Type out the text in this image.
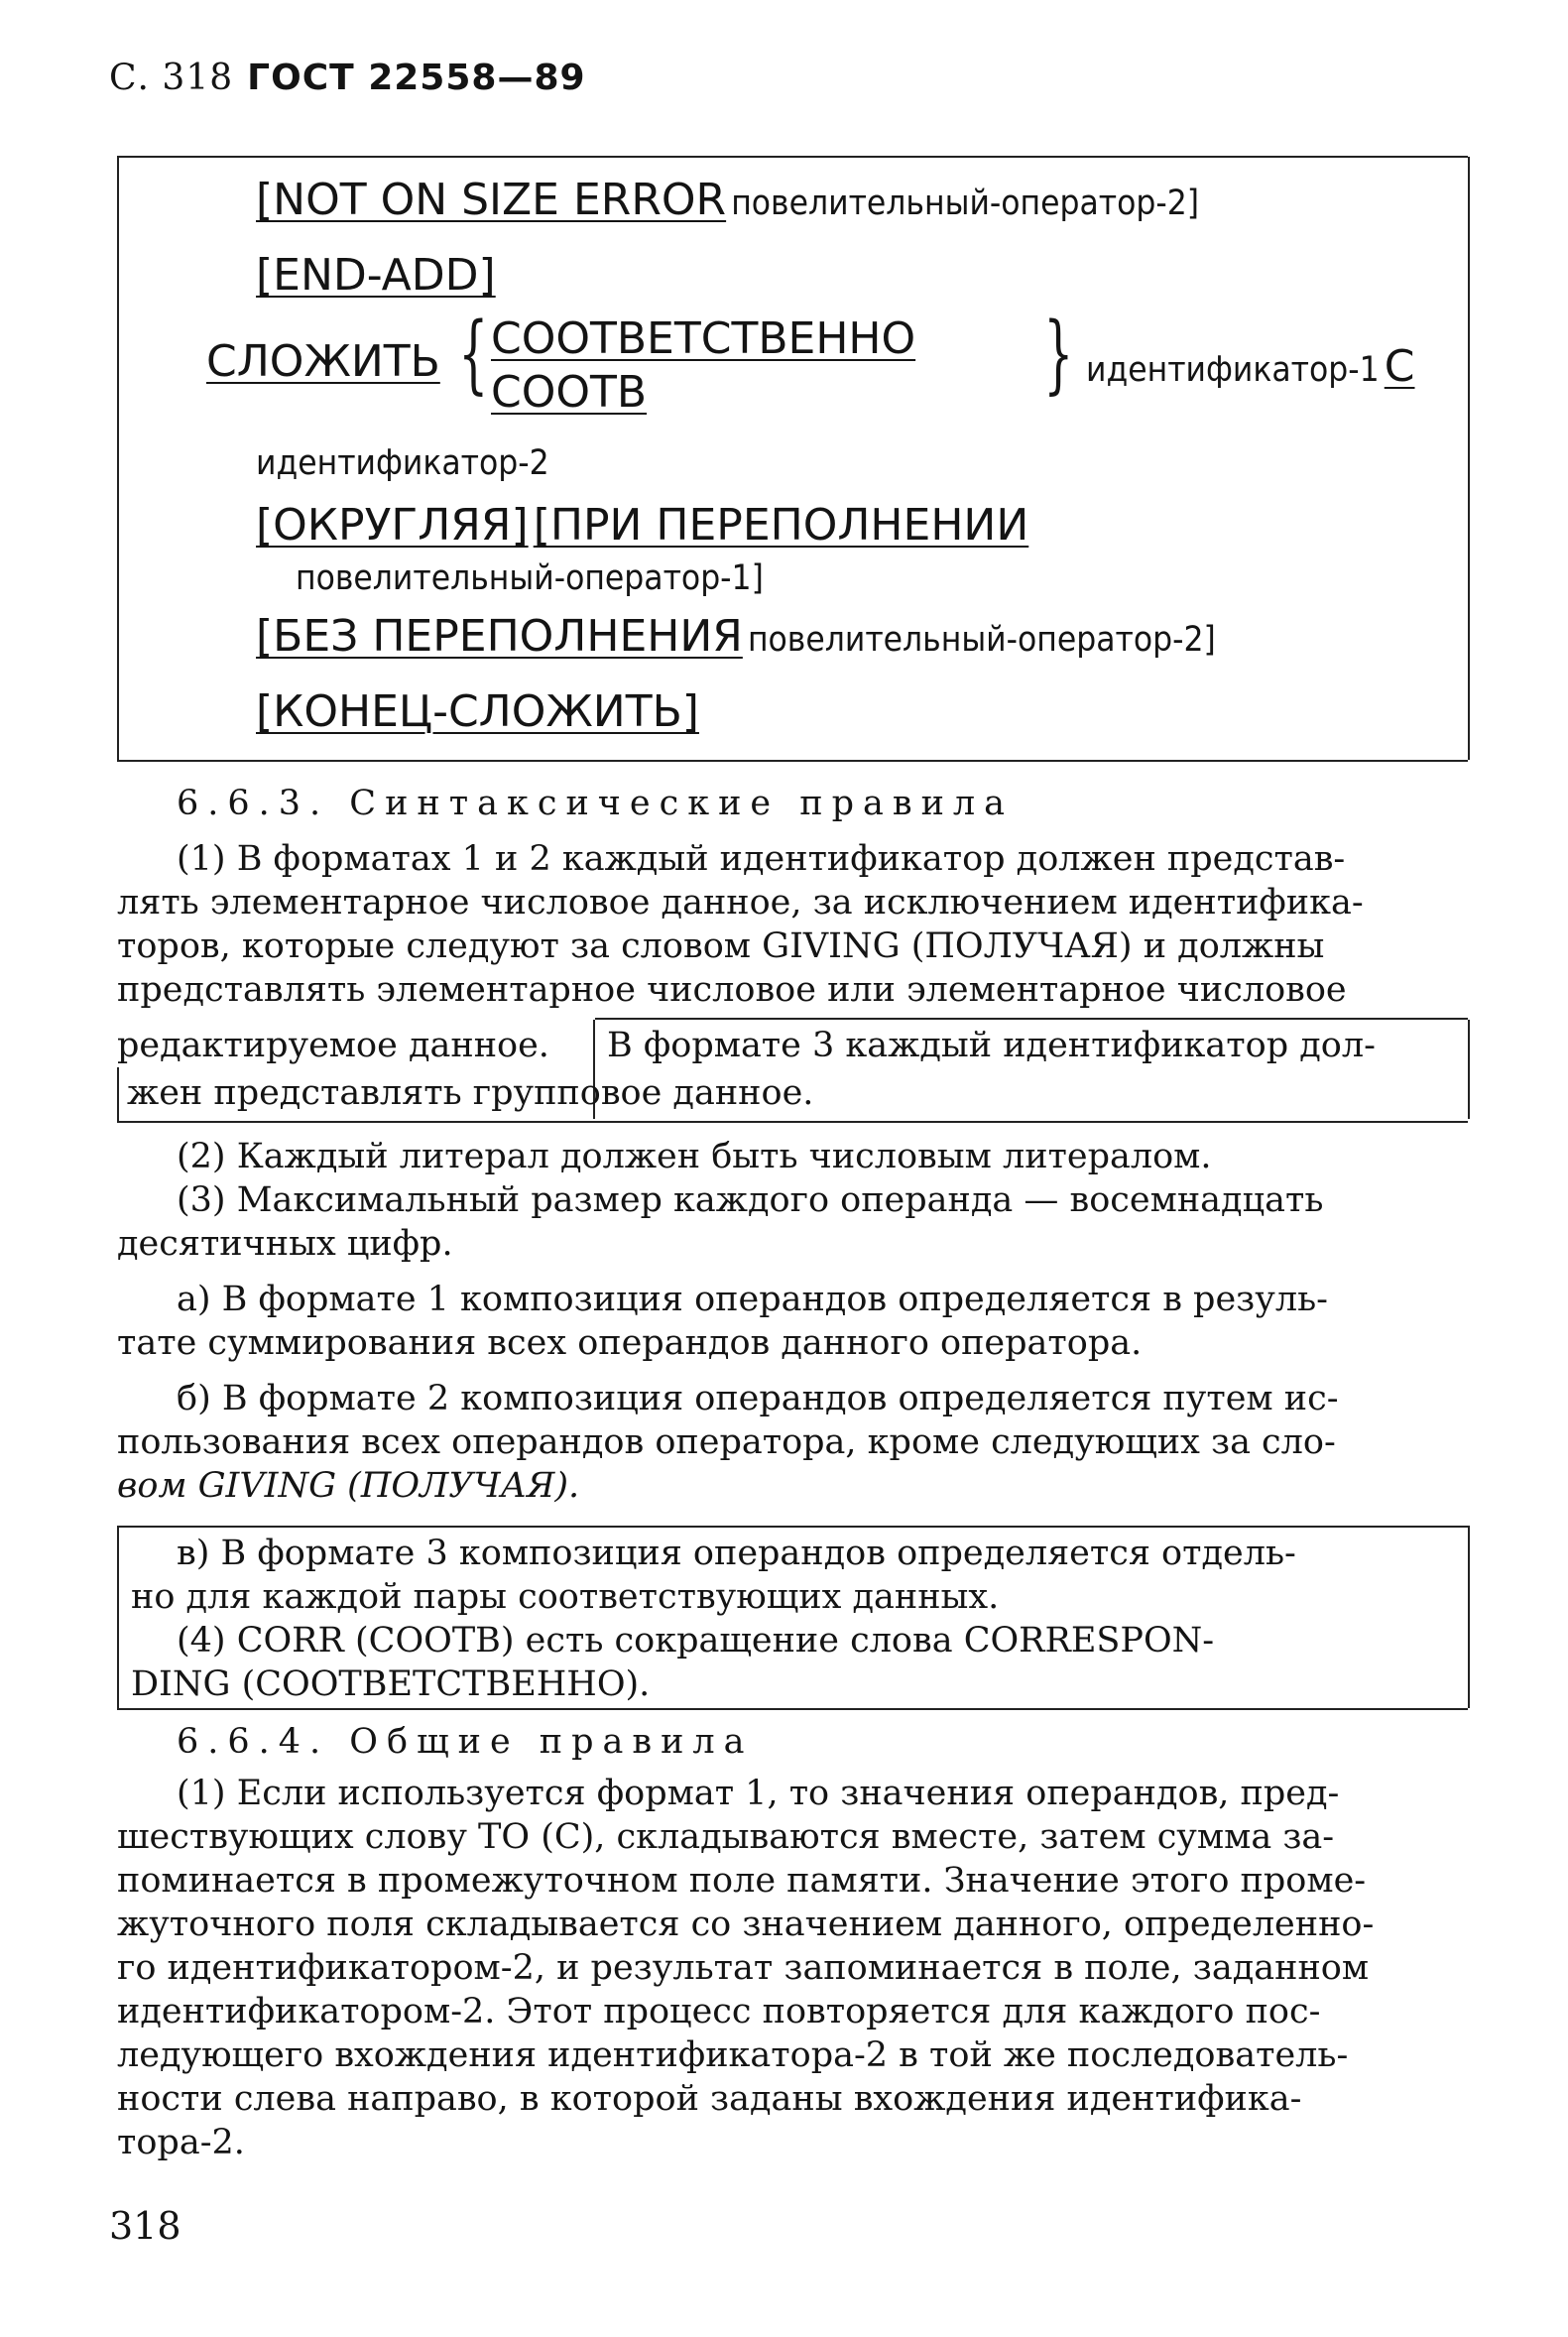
С. 318 ГОСТ 22558—89
[NOT ON SIZE ERROR повелительный-оператор-2]
[END-ADD]
СЛОЖИТЬ { СООТВЕТСТВЕННО
СООТВ	} идентификатор-1 С
идентификатор-2
[ОКРУГЛЯЯ] [ПРИ ПЕРЕПОЛНЕНИИ
повелительный-оператор-1]
[БЕЗ ПЕРЕПОЛНЕНИЯ повелительный-оператор-2]
[КОНЕЦ-СЛОЖИТЬ]
6.6.3. Синтаксические правила
(1) В форматах 1 и 2 каждый идентификатор должен представ-
лять элементарное числовое данное, за исключением идентифика-
торов, которые следуют за словом GIVING (ПОЛУЧАЯ) и должны
представлять элементарное числовое или элементарное числовое
редактируемое данное. В формате 3 каждый идентификатор дол-
жен представлять групповое данное.
(2) Каждый литерал должен быть числовым литералом.
(3) Максимальный размер каждого операнда — восемнадцать
десятичных цифр.
а) В формате 1 композиция операндов определяется в резуль-
тате суммирования всех операндов данного оператора.
б) В формате 2 композиция операндов определяется путем ис-
пользования всех операндов оператора, кроме следующих за сло-
вом GIVING (ПОЛУЧАЯ).
в) В формате 3 композиция операндов определяется отдель-
но для каждой пары соответствующих данных.
(4) CORR (СООТВ) есть сокращение слова CORRESPON-
DING (СООТВЕТСТВЕННО).
6.6.4. Общие правила
(1) Если используется формат 1, то значения операндов, пред-
шествующих слову ТО (С), складываются вместе, затем сумма за-
поминается в промежуточном поле памяти. Значение этого проме-
жуточного поля складывается со значением данного, определенно-
го идентификатором-2, и результат запоминается в поле, заданном
идентификатором-2. Этот процесс повторяется для каждого пос-
ледующего вхождения идентификатора-2 в той же последователь-
ности слева направо, в которой заданы вхождения идентифика-
тора-2.
318
